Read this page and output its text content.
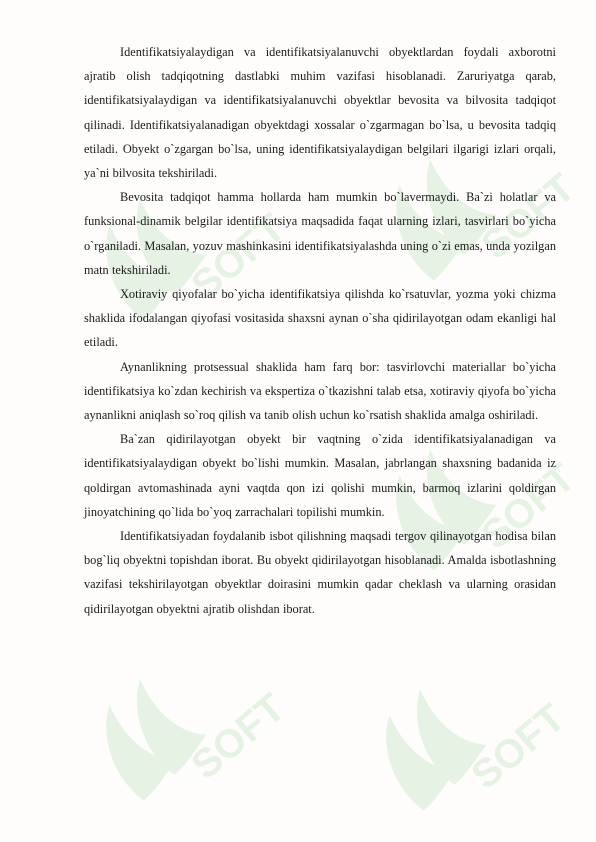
SOFT	SOFT
SOFT
SOFT	SOFT

Identifikatsiyalaydigan va identifikatsiyalanuvchi obyektlardan foydali axborotni ajratib olish tadqiqotning dastlabki muhim vazifasi hisoblanadi. Zaruriyatga qarab, identifikatsiyalaydigan va identifikatsiyalanuvchi obyektlar bevosita va bilvosita tadqiqot qilinadi. Identifikatsiyalanadigan obyektdagi xossalar o`zgarmagan bo`lsa, u bevosita tadqiq etiladi. Obyekt o`zgargan bo`lsa, uning identifikatsiyalaydigan belgilari ilgarigi izlari orqali, ya`ni bilvosita tekshiriladi.

Bevosita tadqiqot hamma hollarda ham mumkin bo`lavermaydi. Ba`zi holatlar va funksional-dinamik belgilar identifikatsiya maqsadida faqat ularning izlari, tasvirlari bo`yicha o`rganiladi. Masalan, yozuv mashinkasini identifikatsiyalashda uning o`zi emas, unda yozilgan matn tekshiriladi.

Xotiraviy qiyofalar bo`yicha identifikatsiya qilishda ko`rsatuvlar, yozma yoki chizma shaklida ifodalangan qiyofasi vositasida shaxsni aynan o`sha qidirilayotgan odam ekanligi hal etiladi.

Aynanlikning protsessual shaklida ham farq bor: tasvirlovchi materiallar bo`yicha identifikatsiya ko`zdan kechirish va ekspertiza o`tkazishni talab etsa, xotiraviy qiyofa bo`yicha aynanlikni aniqlash so`roq qilish va tanib olish uchun ko`rsatish shaklida amalga oshiriladi.

Ba`zan qidirilayotgan obyekt bir vaqtning o`zida identifikatsiyalanadigan va identifikatsiyalaydigan obyekt bo`lishi mumkin. Masalan, jabrlangan shaxsning badanida iz qoldirgan avtomashinada ayni vaqtda qon izi qolishi mumkin, barmoq izlarini qoldirgan jinoyatchining qo`lida bo`yoq zarrachalari topilishi mumkin.

Identifikatsiyadan foydalanib isbot qilishning maqsadi tergov qilinayotgan hodisa bilan bog`liq obyektni topishdan iborat. Bu obyekt qidirilayotgan hisoblanadi. Amalda isbotlashning vazifasi tekshirilayotgan obyektlar doirasini mumkin qadar cheklash va ularning orasidan qidirilayotgan obyektni ajratib olishdan iborat.
